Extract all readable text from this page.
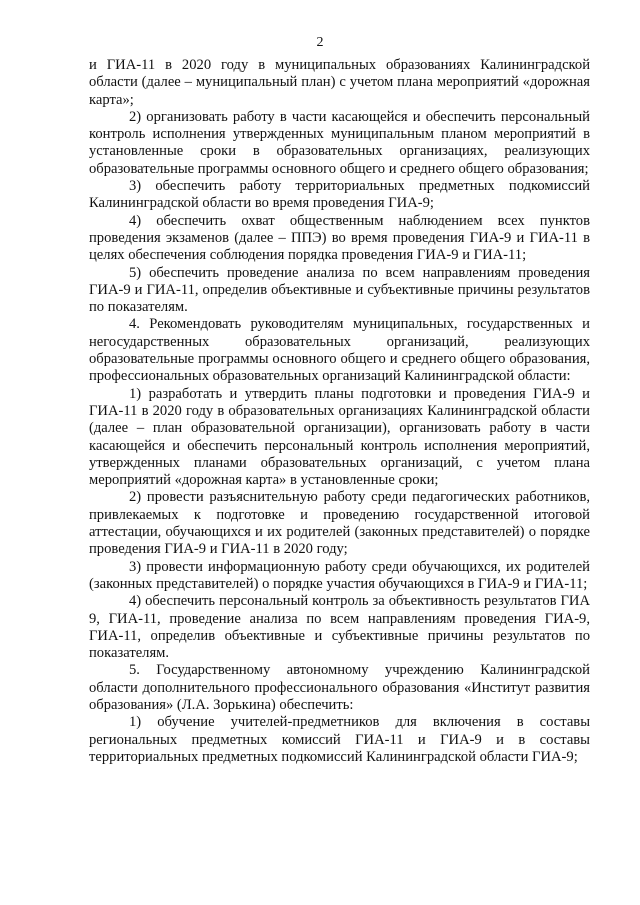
2

и ГИА-11 в 2020 году в муниципальных образованиях Калининградской области (далее – муниципальный план) с учетом плана мероприятий «дорожная карта»;

2) организовать работу в части касающейся и обеспечить персональный контроль исполнения утвержденных муниципальным планом мероприятий в установленные сроки в образовательных организациях, реализующих образовательные программы основного общего и среднего общего образования;

3) обеспечить работу территориальных предметных подкомиссий Калининградской области во время проведения ГИА-9;

4) обеспечить охват общественным наблюдением всех пунктов проведения экзаменов (далее – ППЭ) во время проведения ГИА-9 и ГИА-11 в целях обеспечения соблюдения порядка проведения ГИА-9 и ГИА-11;

5) обеспечить проведение анализа по всем направлениям проведения ГИА-9 и ГИА-11, определив объективные и субъективные причины результатов по показателям.

4. Рекомендовать руководителям муниципальных, государственных и негосударственных образовательных организаций, реализующих образовательные программы основного общего и среднего общего образования, профессиональных образовательных организаций Калининградской области:

1) разработать и утвердить планы подготовки и проведения ГИА-9 и ГИА-11 в 2020 году в образовательных организациях Калининградской области (далее – план образовательной организации), организовать работу в части касающейся и обеспечить персональный контроль исполнения мероприятий, утвержденных планами образовательных организаций, с учетом плана мероприятий «дорожная карта» в установленные сроки;

2) провести разъяснительную работу среди педагогических работников, привлекаемых к подготовке и проведению государственной итоговой аттестации, обучающихся и их родителей (законных представителей) о порядке проведения ГИА-9 и ГИА-11 в 2020 году;

3) провести информационную работу среди обучающихся, их родителей (законных представителей) о порядке участия обучающихся в ГИА-9 и ГИА-11;

4) обеспечить персональный контроль за объективность результатов ГИА 9, ГИА-11, проведение анализа по всем направлениям проведения ГИА-9, ГИА-11, определив объективные и субъективные причины результатов по показателям.

5. Государственному автономному учреждению Калининградской области дополнительного профессионального образования «Институт развития образования» (Л.А. Зорькина) обеспечить:

1) обучение учителей-предметников для включения в составы региональных предметных комиссий ГИА-11 и ГИА-9 и в составы территориальных предметных подкомиссий Калининградской области ГИА-9;
